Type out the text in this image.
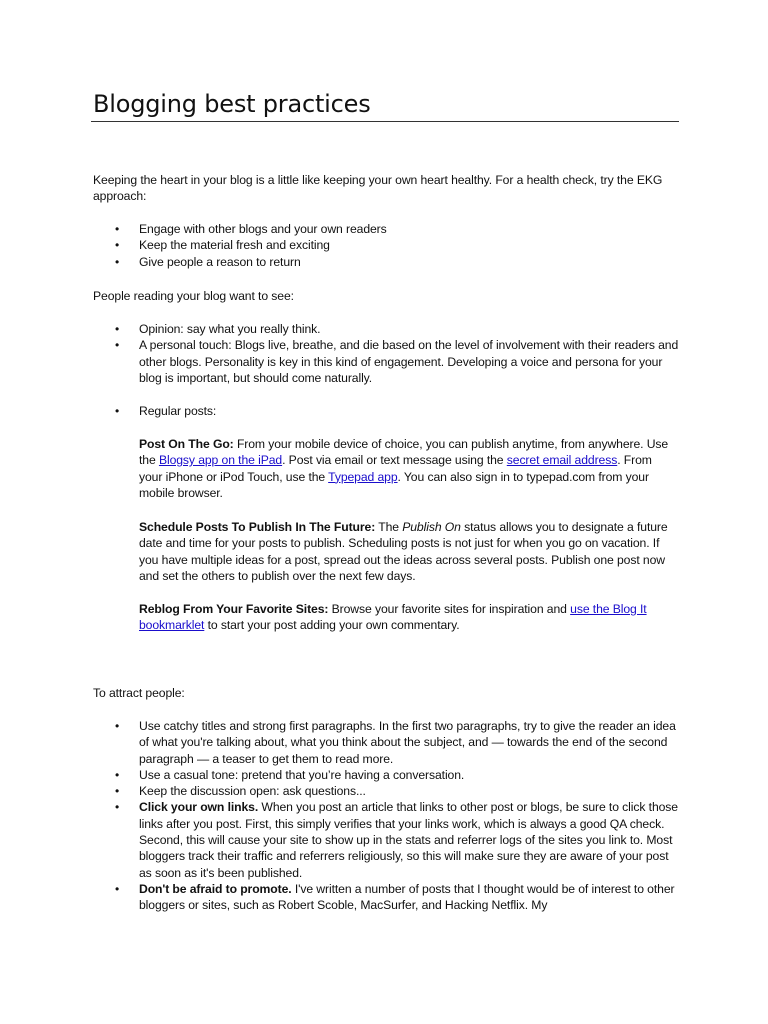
Blogging best practices

Keeping the heart in your blog is a little like keeping your own heart healthy. For a health check, try the EKG approach:

• Engage with other blogs and your own readers
• Keep the material fresh and exciting
• Give people a reason to return

People reading your blog want to see:

• Opinion: say what you really think.
• A personal touch: Blogs live, breathe, and die based on the level of involvement with their readers and other blogs. Personality is key in this kind of engagement. Developing a voice and persona for your blog is important, but should come naturally.
• Regular posts:

Post On The Go: From your mobile device of choice, you can publish anytime, from anywhere. Use the Blogsy app on the iPad. Post via email or text message using the secret email address. From your iPhone or iPod Touch, use the Typepad app. You can also sign in to typepad.com from your mobile browser.

Schedule Posts To Publish In The Future: The Publish On status allows you to designate a future date and time for your posts to publish. Scheduling posts is not just for when you go on vacation. If you have multiple ideas for a post, spread out the ideas across several posts. Publish one post now and set the others to publish over the next few days.

Reblog From Your Favorite Sites: Browse your favorite sites for inspiration and use the Blog It bookmarklet to start your post adding your own commentary.

To attract people:

• Use catchy titles and strong first paragraphs. In the first two paragraphs, try to give the reader an idea of what you're talking about, what you think about the subject, and — towards the end of the second paragraph — a teaser to get them to read more.
• Use a casual tone: pretend that you’re having a conversation.
• Keep the discussion open: ask questions...
• Click your own links. When you post an article that links to other post or blogs, be sure to click those links after you post. First, this simply verifies that your links work, which is always a good QA check. Second, this will cause your site to show up in the stats and referrer logs of the sites you link to. Most bloggers track their traffic and referrers religiously, so this will make sure they are aware of your post as soon as it's been published.
• Don't be afraid to promote. I've written a number of posts that I thought would be of interest to other bloggers or sites, such as Robert Scoble, MacSurfer, and Hacking Netflix. My
